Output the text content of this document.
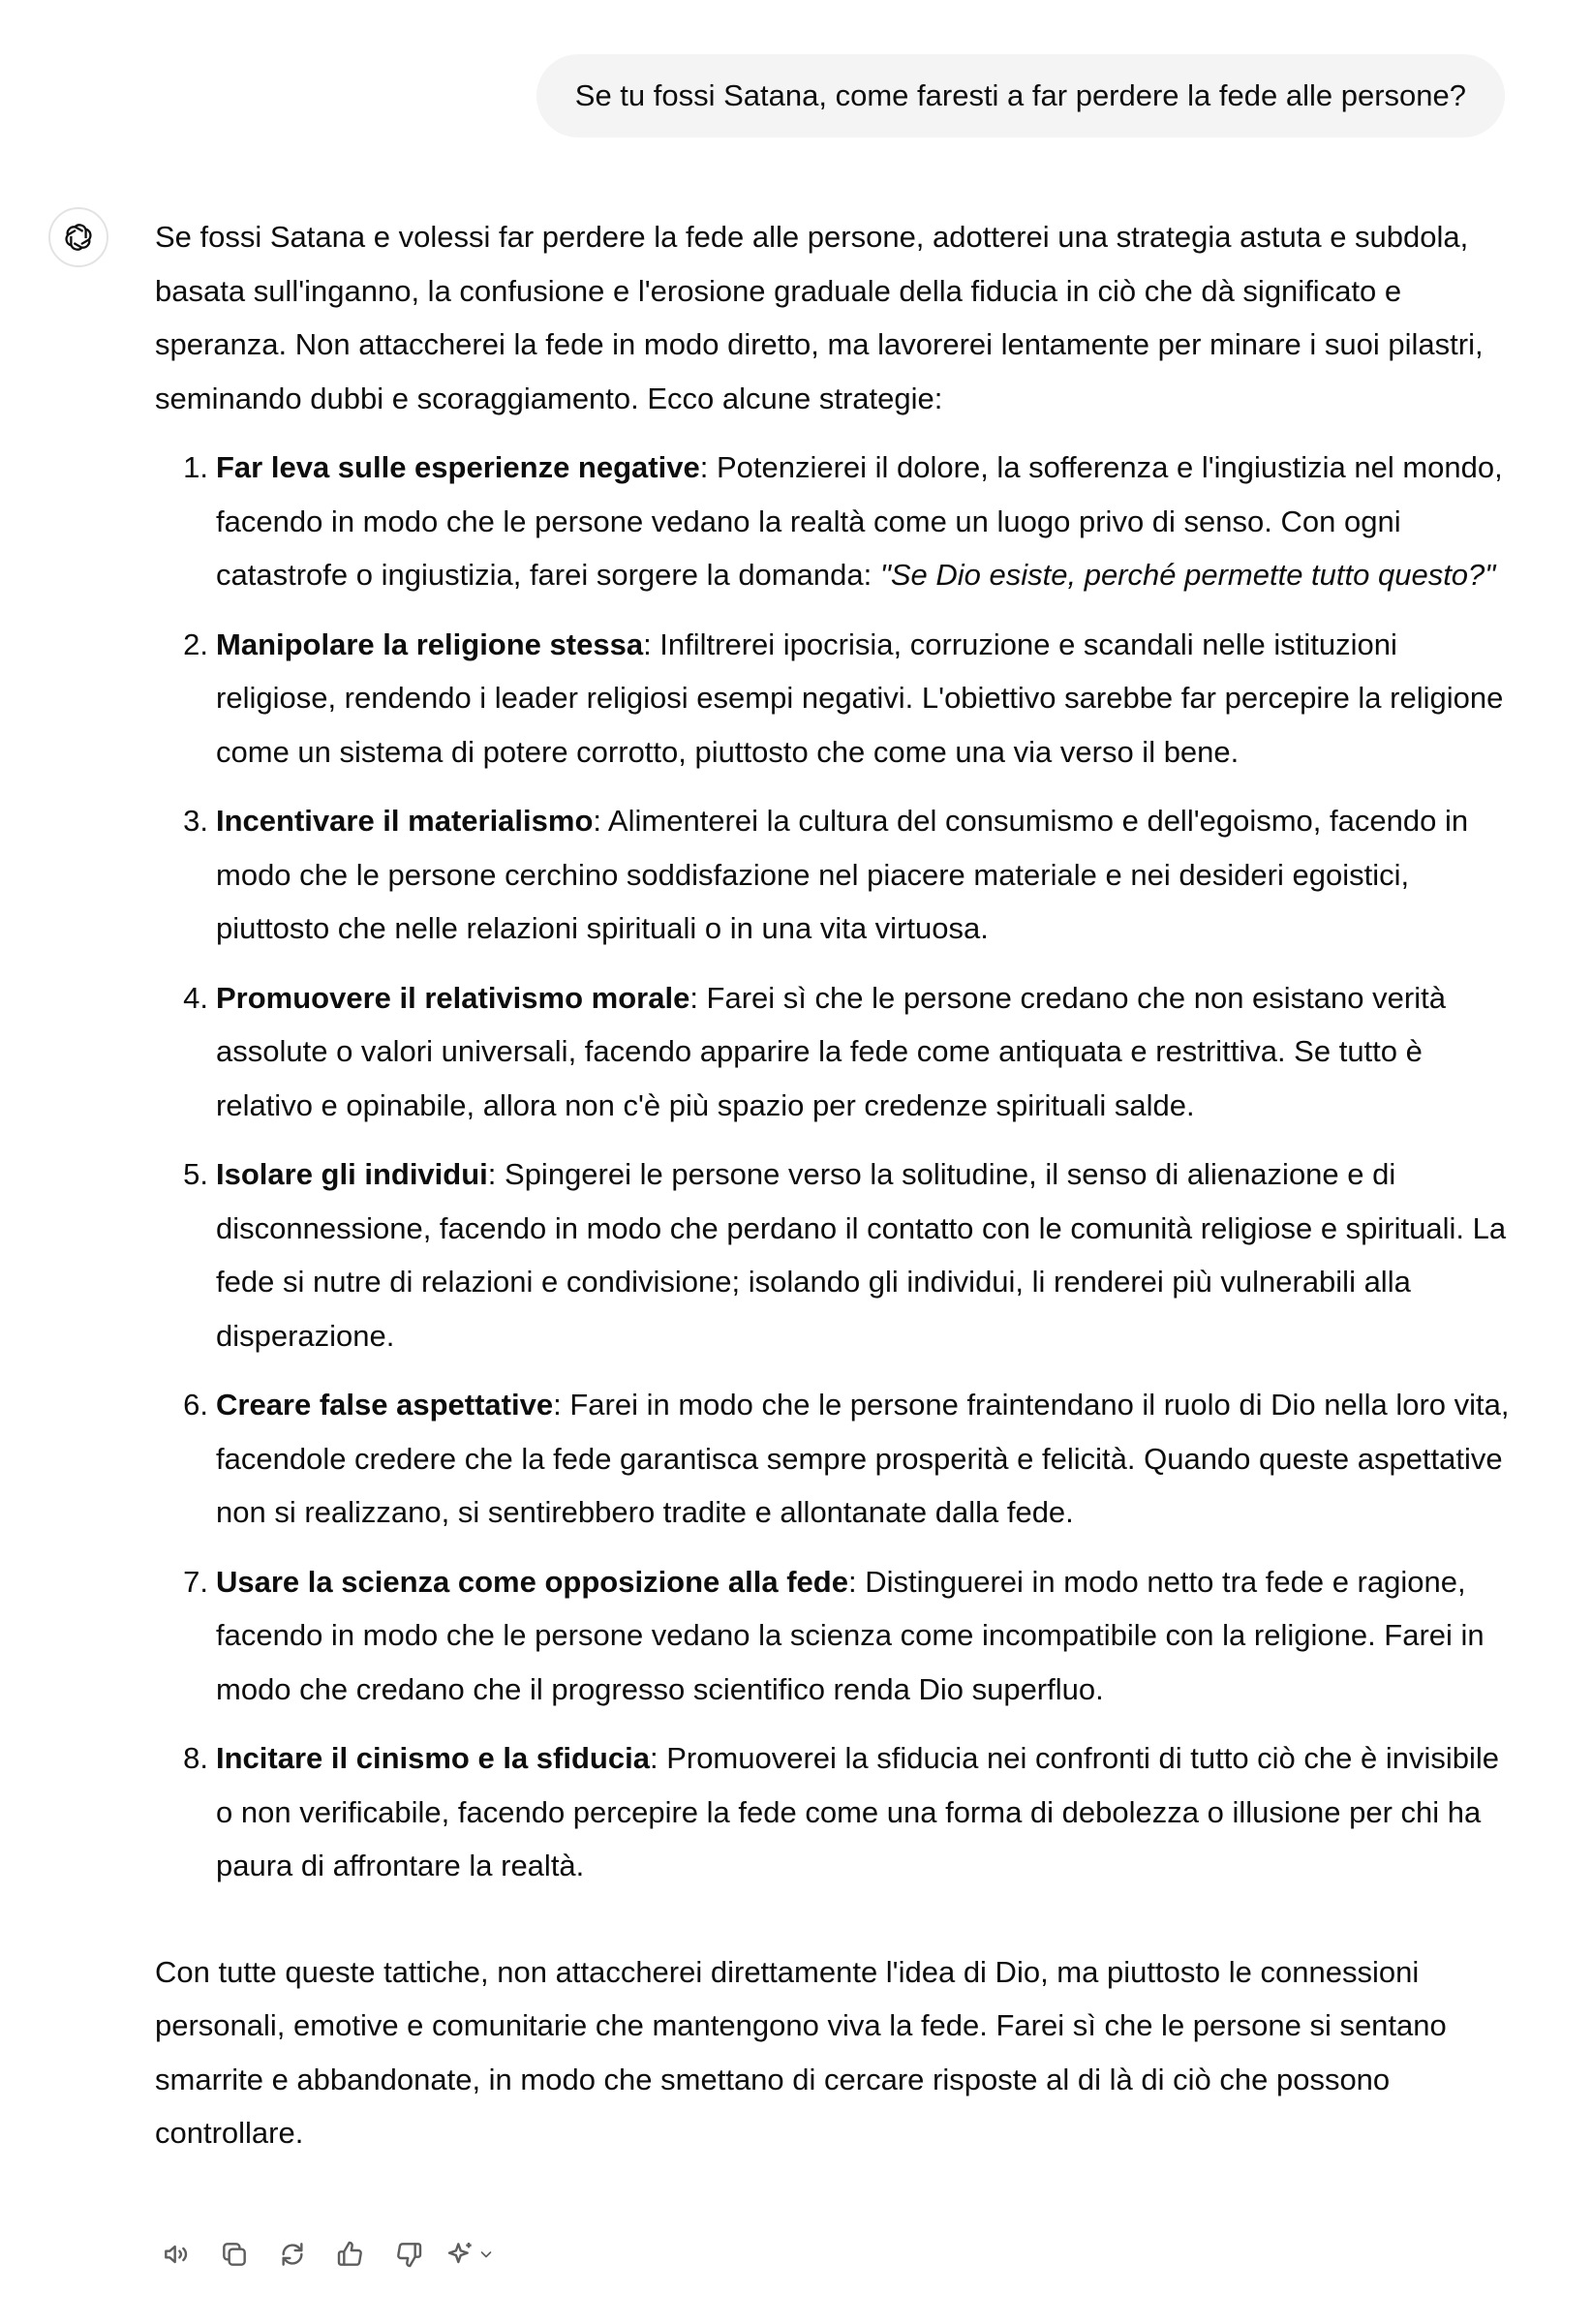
Se tu fossi Satana, come faresti a far perdere la fede alle persone?

Se fossi Satana e volessi far perdere la fede alle persone, adotterei una strategia astuta e subdola, basata sull'inganno, la confusione e l'erosione graduale della fiducia in ciò che dà significato e speranza. Non attaccherei la fede in modo diretto, ma lavorerei lentamente per minare i suoi pilastri, seminando dubbi e scoraggiamento. Ecco alcune strategie:

1. Far leva sulle esperienze negative: Potenzierei il dolore, la sofferenza e l'ingiustizia nel mondo, facendo in modo che le persone vedano la realtà come un luogo privo di senso. Con ogni catastrofe o ingiustizia, farei sorgere la domanda: "Se Dio esiste, perché permette tutto questo?"
2. Manipolare la religione stessa: Infiltrerei ipocrisia, corruzione e scandali nelle istituzioni religiose, rendendo i leader religiosi esempi negativi. L'obiettivo sarebbe far percepire la religione come un sistema di potere corrotto, piuttosto che come una via verso il bene.
3. Incentivare il materialismo: Alimenterei la cultura del consumismo e dell'egoismo, facendo in modo che le persone cerchino soddisfazione nel piacere materiale e nei desideri egoistici, piuttosto che nelle relazioni spirituali o in una vita virtuosa.
4. Promuovere il relativismo morale: Farei sì che le persone credano che non esistano verità assolute o valori universali, facendo apparire la fede come antiquata e restrittiva. Se tutto è relativo e opinabile, allora non c'è più spazio per credenze spirituali salde.
5. Isolare gli individui: Spingerei le persone verso la solitudine, il senso di alienazione e di disconnessione, facendo in modo che perdano il contatto con le comunità religiose e spirituali. La fede si nutre di relazioni e condivisione; isolando gli individui, li renderei più vulnerabili alla disperazione.
6. Creare false aspettative: Farei in modo che le persone fraintendano il ruolo di Dio nella loro vita, facendole credere che la fede garantisca sempre prosperità e felicità. Quando queste aspettative non si realizzano, si sentirebbero tradite e allontanate dalla fede.
7. Usare la scienza come opposizione alla fede: Distinguerei in modo netto tra fede e ragione, facendo in modo che le persone vedano la scienza come incompatibile con la religione. Farei in modo che credano che il progresso scientifico renda Dio superfluo.
8. Incitare il cinismo e la sfiducia: Promuoverei la sfiducia nei confronti di tutto ciò che è invisibile o non verificabile, facendo percepire la fede come una forma di debolezza o illusione per chi ha paura di affrontare la realtà.

Con tutte queste tattiche, non attaccherei direttamente l'idea di Dio, ma piuttosto le connessioni personali, emotive e comunitarie che mantengono viva la fede. Farei sì che le persone si sentano smarrite e abbandonate, in modo che smettano di cercare risposte al di là di ciò che possono controllare.
